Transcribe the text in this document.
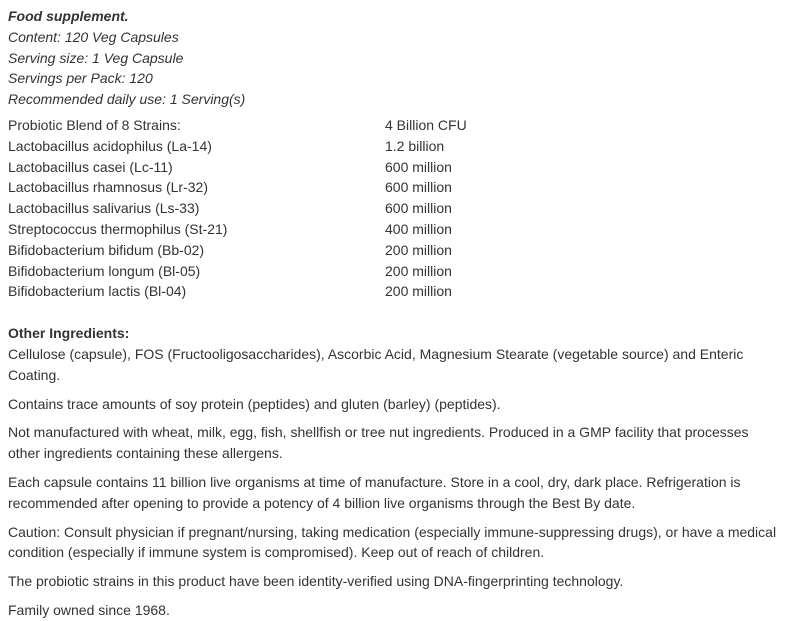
Food supplement.
Content: 120 Veg Capsules
Serving size: 1 Veg Capsule
Servings per Pack: 120
Recommended daily use: 1 Serving(s)
Probiotic Blend of 8 Strains:	4 Billion CFU
Lactobacillus acidophilus (La-14)	1.2 billion
Lactobacillus casei (Lc-11)	600 million
Lactobacillus rhamnosus (Lr-32)	600 million
Lactobacillus salivarius (Ls-33)	600 million
Streptococcus thermophilus (St-21)	400 million
Bifidobacterium bifidum (Bb-02)	200 million
Bifidobacterium longum (Bl-05)	200 million
Bifidobacterium lactis (Bl-04)	200 million
Other Ingredients:
Cellulose (capsule), FOS (Fructooligosaccharides), Ascorbic Acid, Magnesium Stearate (vegetable source) and Enteric Coating.

Contains trace amounts of soy protein (peptides) and gluten (barley) (peptides).

Not manufactured with wheat, milk, egg, fish, shellfish or tree nut ingredients. Produced in a GMP facility that processes other ingredients containing these allergens.

Each capsule contains 11 billion live organisms at time of manufacture. Store in a cool, dry, dark place. Refrigeration is recommended after opening to provide a potency of 4 billion live organisms through the Best By date.

Caution: Consult physician if pregnant/nursing, taking medication (especially immune-suppressing drugs), or have a medical condition (especially if immune system is compromised). Keep out of reach of children.

The probiotic strains in this product have been identity-verified using DNA-fingerprinting technology.

Family owned since 1968.
